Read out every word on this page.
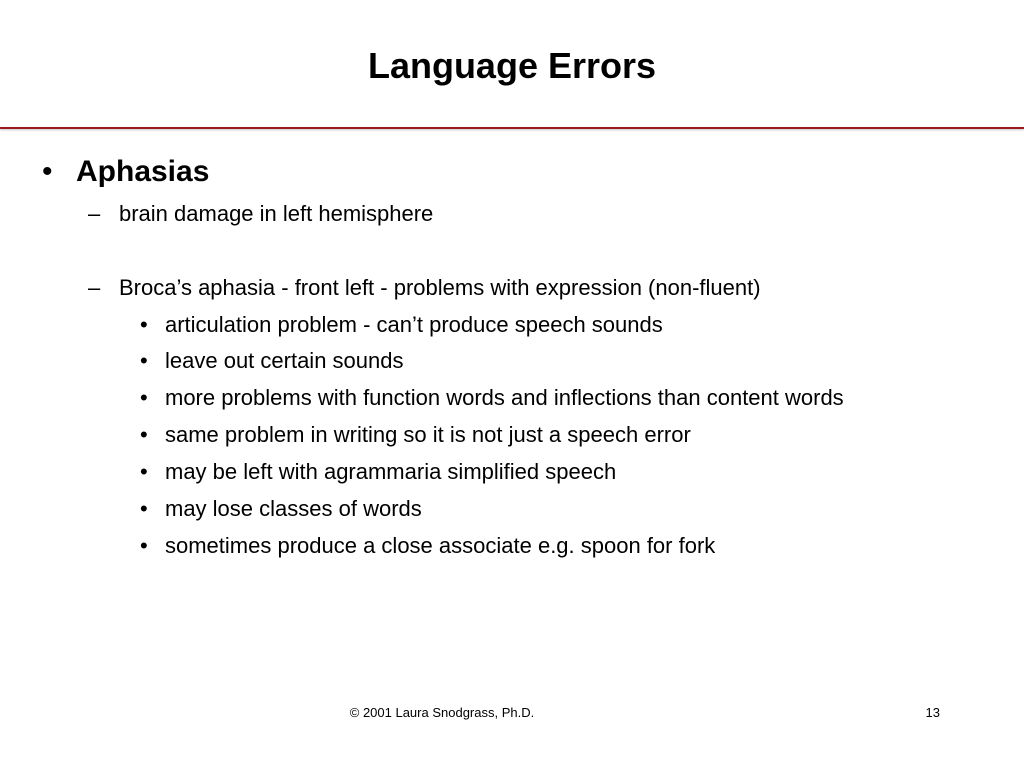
Language Errors
• Aphasias
– brain damage in left hemisphere
– Broca’s aphasia - front left - problems with expression (non-fluent)
• articulation problem - can’t produce speech sounds
• leave out certain sounds
• more problems with function words and inflections than content words
• same problem in writing so it is not just a speech error
• may be left with agrammaria simplified speech
• may lose classes of words
• sometimes produce a close associate e.g. spoon for fork
© 2001 Laura Snodgrass, Ph.D.	13
